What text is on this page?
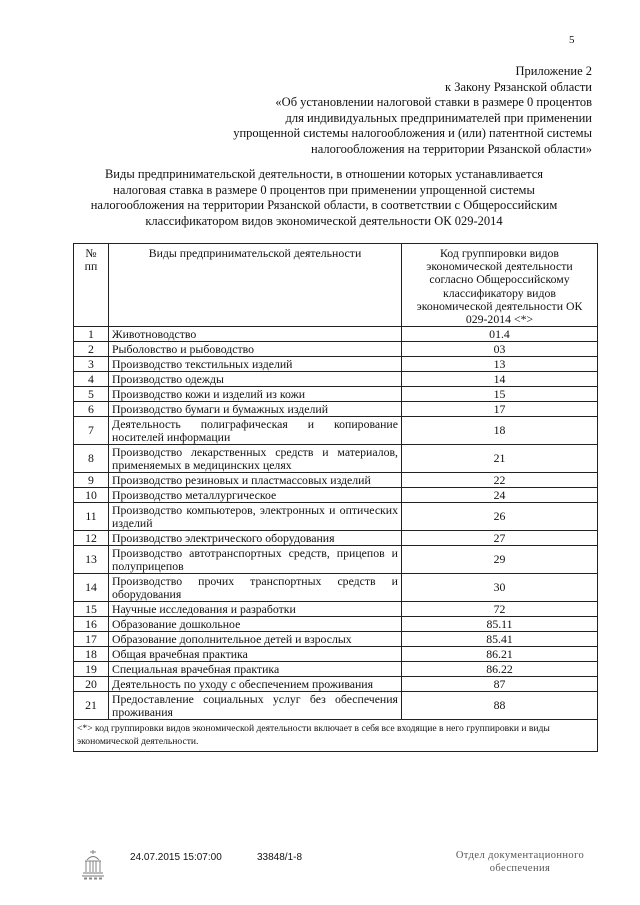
5
Приложение 2
к Закону Рязанской области
«Об установлении налоговой ставки в размере 0 процентов
для индивидуальных предпринимателей при применении
упрощенной системы налогообложения и (или) патентной системы
налогообложения на территории Рязанской области»
Виды предпринимательской деятельности, в отношении которых устанавливается
налоговая ставка в размере 0 процентов при применении упрощенной системы
налогообложения на территории Рязанской области, в соответствии с Общероссийским
классификатором видов экономической деятельности ОК 029-2014
№ пп	Виды предпринимательской деятельности	Код группировки видов экономической деятельности согласно Общероссийскому классификатору видов экономической деятельности ОК 029-2014 <*>
1	Животноводство	01.4
2	Рыболовство и рыбоводство	03
3	Производство текстильных изделий	13
4	Производство одежды	14
5	Производство кожи и изделий из кожи	15
6	Производство бумаги и бумажных изделий	17
7	Деятельность полиграфическая и копирование носителей информации	18
8	Производство лекарственных средств и материалов, применяемых в медицинских целях	21
9	Производство резиновых и пластмассовых изделий	22
10	Производство металлургическое	24
11	Производство компьютеров, электронных и оптических изделий	26
12	Производство электрического оборудования	27
13	Производство автотранспортных средств, прицепов и полуприцепов	29
14	Производство прочих транспортных средств и оборудования	30
15	Научные исследования и разработки	72
16	Образование дошкольное	85.11
17	Образование дополнительное детей и взрослых	85.41
18	Общая врачебная практика	86.21
19	Специальная врачебная практика	86.22
20	Деятельность по уходу с обеспечением проживания	87
21	Предоставление социальных услуг без обеспечения проживания	88
<*> код группировки видов экономической деятельности включает в себя все входящие в него группировки и виды экономической деятельности.		
24.07.2015 15:07:00	33848/1-8	Отдел документационного
обеспечения
